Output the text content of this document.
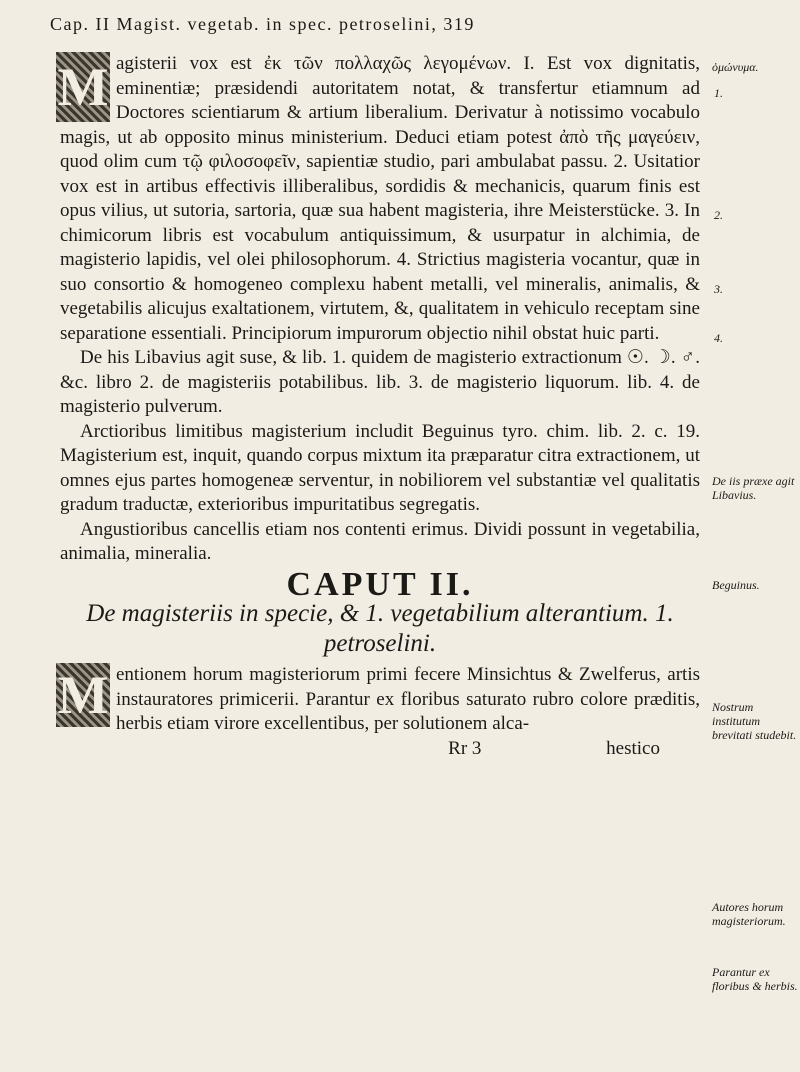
Cap. II Magist. vegetab. in spec. petroselini, 319

M agisterii vox est ἐκ τῶν πολλαχῶς λεγομένων. I. Est vox dignitatis, eminentiæ; præsidendi autoritatem notat, & transfertur etiamnum ad Doctores scientiarum & artium liberalium. Derivatur à notissimo vocabulo magis, ut ab opposito minus ministerium. Deduci etiam potest ἀπὸ τῆς μαγεύειν, quod olim cum τῷ φιλοσοφεῖν, sapientiæ studio, pari ambulabat passu. 2. Usitatior vox est in artibus effectivis illiberalibus, sordidis & mechanicis, quarum finis est opus vilius, ut sutoria, sartoria, quæ sua habent magisteria, ihre Meisterstücke. 3. In chimicorum libris est vocabulum antiquissimum, & usurpatur in alchimia, de magisterio lapidis, vel olei philosophorum. 4. Strictius magisteria vocantur, quæ in suo consortio & homogeneo complexu habent metalli, vel mineralis, animalis, & vegetabilis alicujus exaltationem, virtutem, &, qualitatem in vehiculo receptam sine separatione essentiali. Principiorum impurorum objectio nihil obstat huic parti.

De his Libavius agit suse, & lib. 1. quidem de magisterio extractionum ☉. ☽. ♂. &c. libro 2. de magisteriis potabilibus. lib. 3. de magisterio liquorum. lib. 4. de magisterio pulverum.

Arctioribus limitibus magisterium includit Beguinus tyro. chim. lib. 2. c. 19. Magisterium est, inquit, quando corpus mixtum ita præparatur citra extractionem, ut omnes ejus partes homogeneæ serventur, in nobiliorem vel substantiæ vel qualitatis gradum traductæ, exterioribus impuritatibus segregatis.

Angustioribus cancellis etiam nos contenti erimus. Dividi possunt in vegetabilia, animalia, mineralia.

CAPUT II.
De magisteriis in specie, & 1. vegetabilium alterantium. 1. petroselini.

M entionem horum magisteriorum primi fecere Minsichtus & Zwelferus, artis instauratores primicerii. Parantur ex floribus saturato rubro colore præditis, herbis etiam virore excellentibus, per solutionem alca-

Rr 3	hestico
1.
2.
3.
4.
ὁμώνυμα.
De iis præxe agit Libavius.
Beguinus.
Nostrum institutum brevitati studebit.
Autores horum magisteriorum.
Parantur ex floribus & herbis.
